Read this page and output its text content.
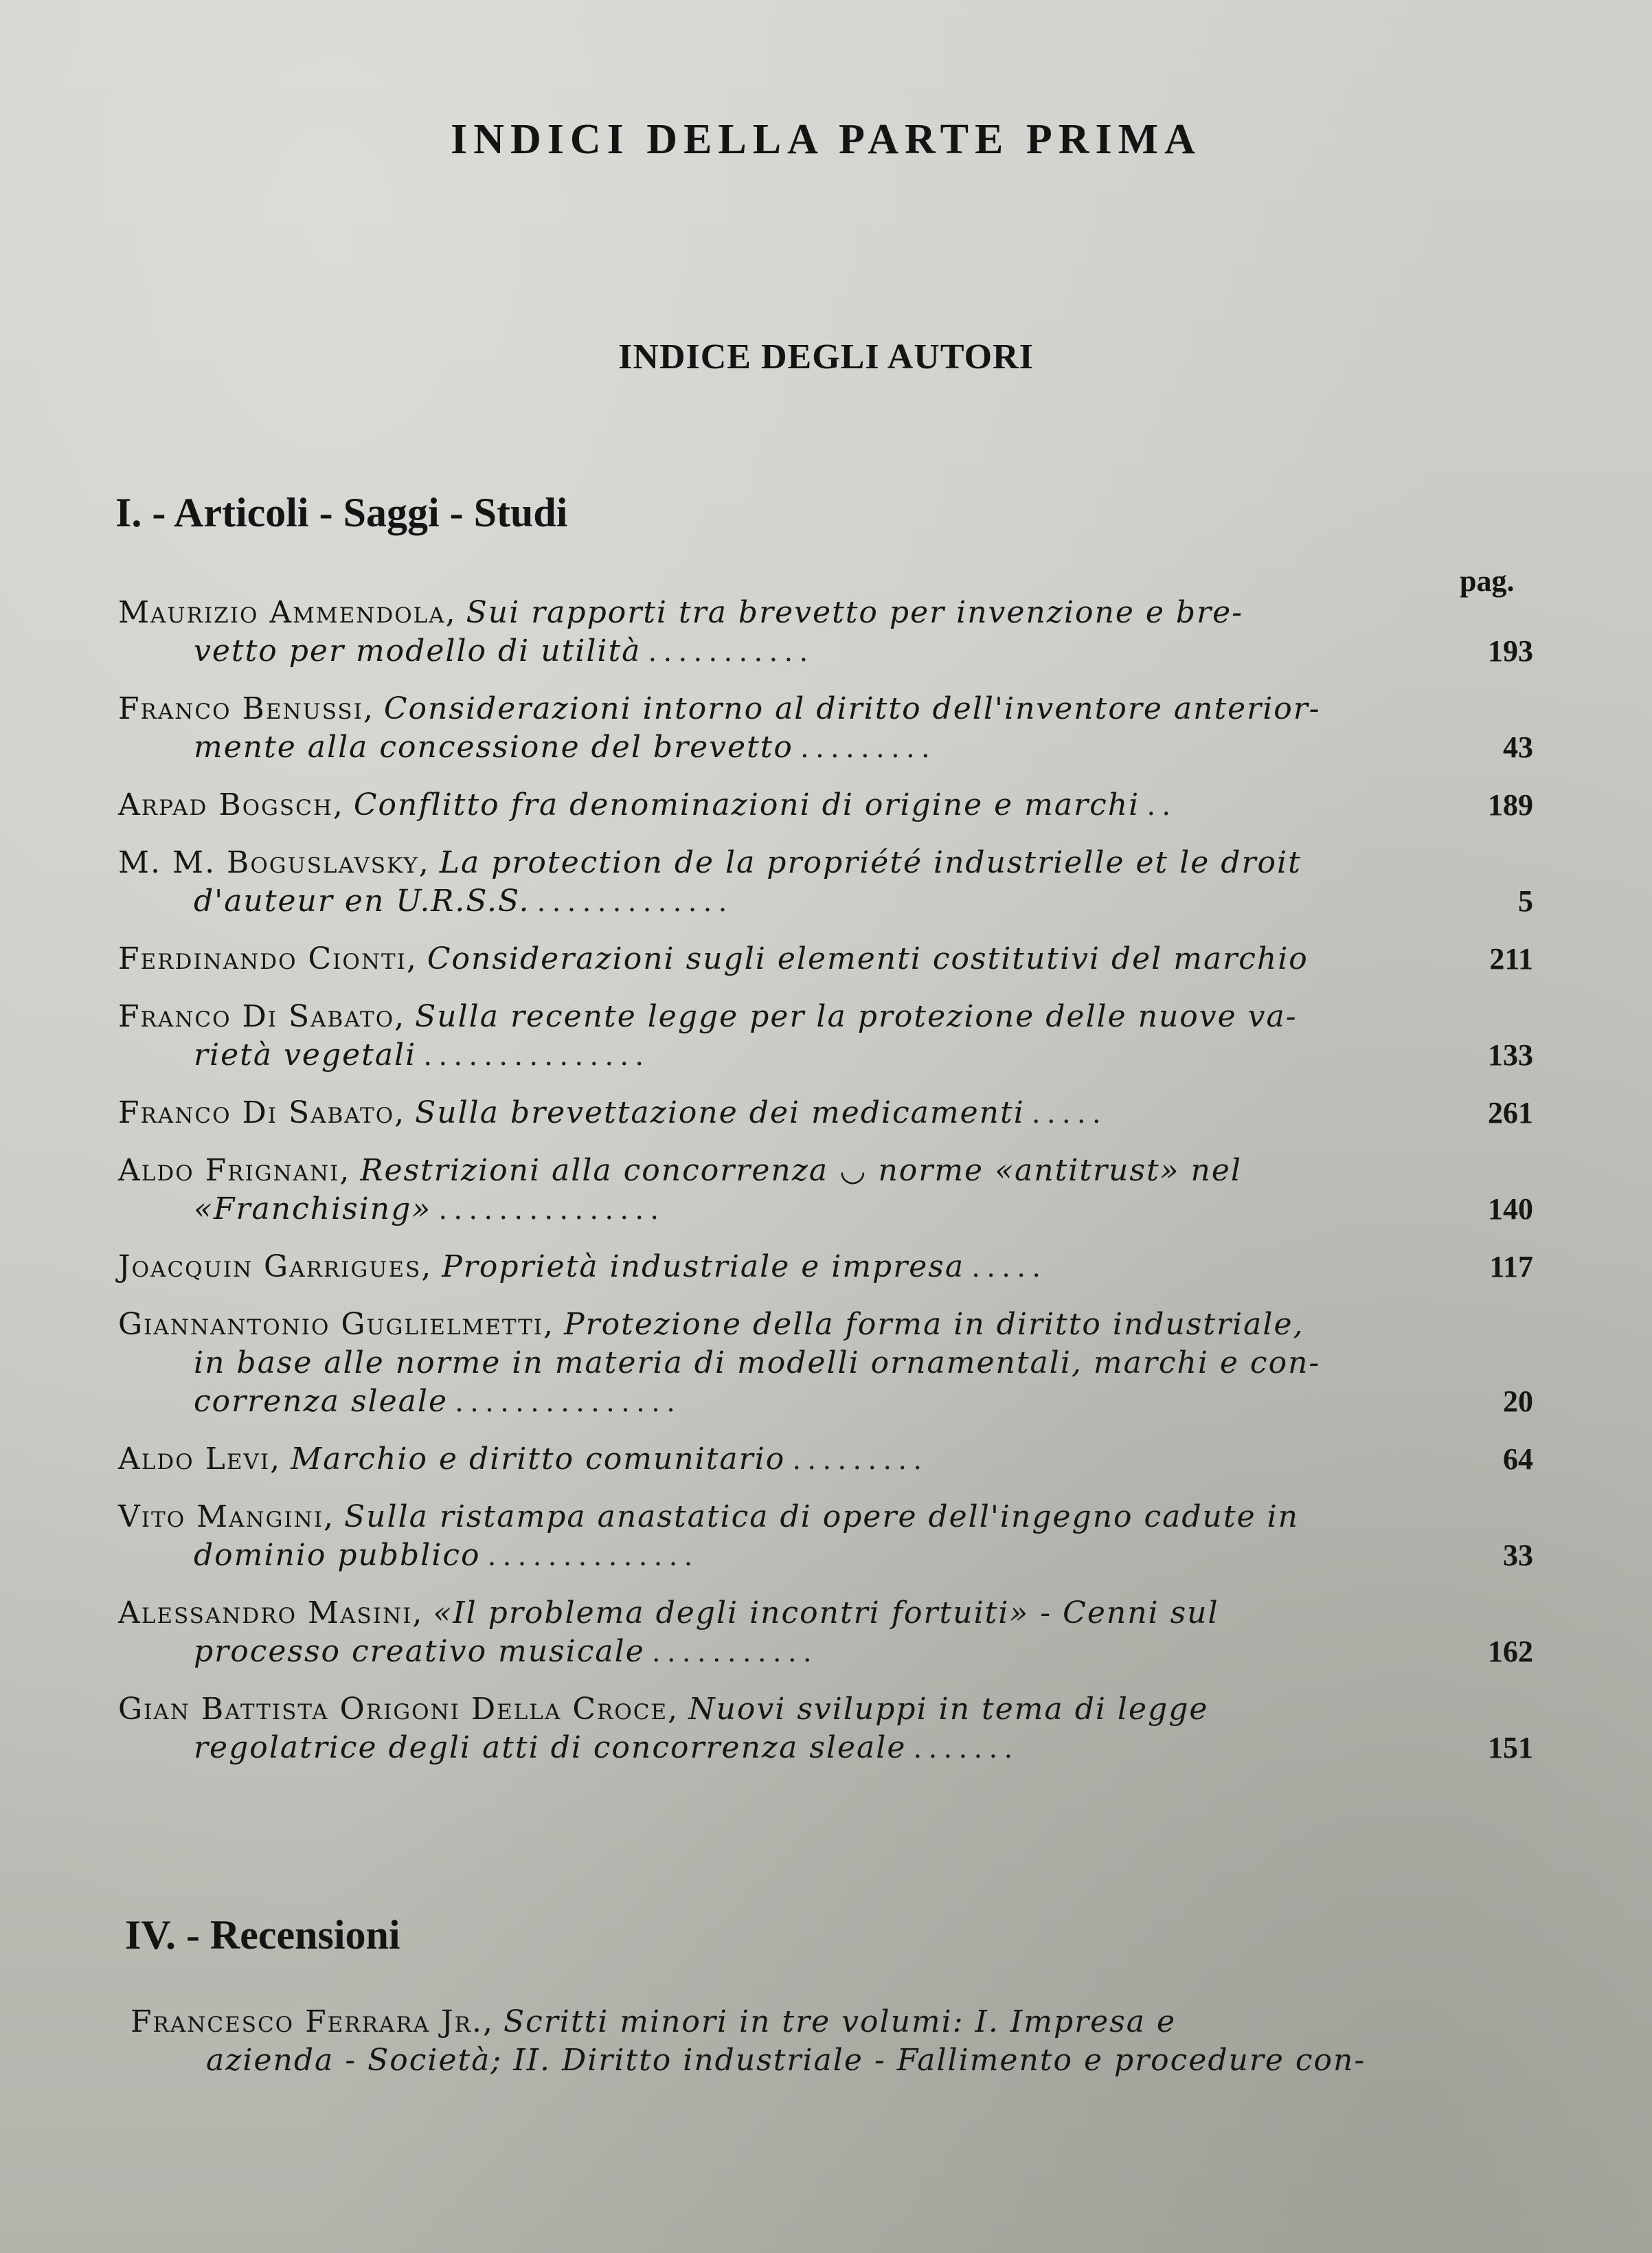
INDICI DELLA PARTE PRIMA
INDICE DEGLI AUTORI
I. - Articoli - Saggi - Studi
pag.
Maurizio Ammendola, Sui rapporti tra brevetto per invenzione e bre-
vetto per modello di utilità . . . . . . . . . . .	193
Franco Benussi, Considerazioni intorno al diritto dell'inventore anterior-
mente alla concessione del brevetto . . . . . . . . .	43
Arpad Bogsch, Conflitto fra denominazioni di origine e marchi . .	189
M. M. Boguslavsky, La protection de la propriété industrielle et le droit
d'auteur en U.R.S.S. . . . . . . . . . . . . .	5
Ferdinando Cionti, Considerazioni sugli elementi costitutivi del marchio	211
Franco Di Sabato, Sulla recente legge per la protezione delle nuove va-
rietà vegetali . . . . . . . . . . . . . . .	133
Franco Di Sabato, Sulla brevettazione dei medicamenti . . . . .	261
Aldo Frignani, Restrizioni alla concorrenza ◡ norme «antitrust» nel
«Franchising» . . . . . . . . . . . . . . .	140
Joacquin Garrigues, Proprietà industriale e impresa . . . . .	117
Giannantonio Guglielmetti, Protezione della forma in diritto industriale,
in base alle norme in materia di modelli ornamentali, marchi e con-
correnza sleale . . . . . . . . . . . . . . .	20
Aldo Levi, Marchio e diritto comunitario . . . . . . . . .	64
Vito Mangini, Sulla ristampa anastatica di opere dell'ingegno cadute in
dominio pubblico . . . . . . . . . . . . . .	33
Alessandro Masini, «Il problema degli incontri fortuiti» - Cenni sul
processo creativo musicale . . . . . . . . . . .	162
Gian Battista Origoni Della Croce, Nuovi sviluppi in tema di legge
regolatrice degli atti di concorrenza sleale . . . . . . .	151
IV. - Recensioni
Francesco Ferrara Jr., Scritti minori in tre volumi: I. Impresa e
azienda - Società; II. Diritto industriale - Fallimento e procedure con-
